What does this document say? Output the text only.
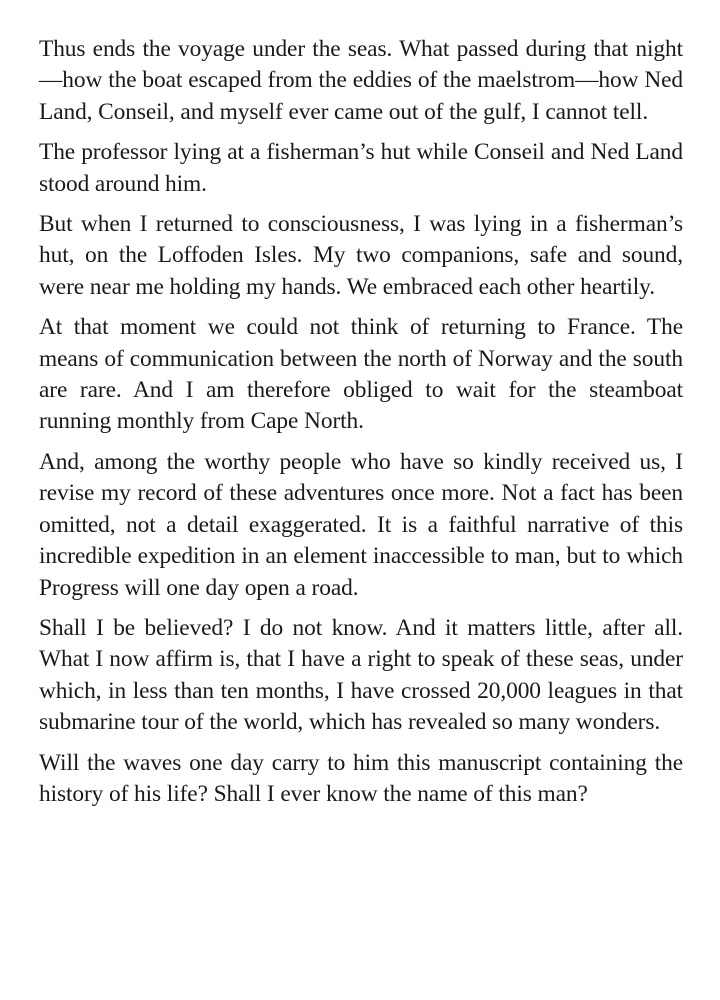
Thus ends the voyage under the seas. What passed during that night—how the boat escaped from the eddies of the maelstrom—how Ned Land, Conseil, and myself ever came out of the gulf, I cannot tell.

The professor lying at a fisherman’s hut while Conseil and Ned Land stood around him.

But when I returned to consciousness, I was lying in a fisherman’s hut, on the Loffoden Isles. My two companions, safe and sound, were near me holding my hands. We embraced each other heartily.

At that moment we could not think of returning to France. The means of communication between the north of Norway and the south are rare. And I am therefore obliged to wait for the steamboat running monthly from Cape North.

And, among the worthy people who have so kindly received us, I revise my record of these adventures once more. Not a fact has been omitted, not a detail exaggerated. It is a faithful narrative of this incredible expedition in an element inaccessible to man, but to which Progress will one day open a road.

Shall I be believed? I do not know. And it matters little, after all. What I now affirm is, that I have a right to speak of these seas, under which, in less than ten months, I have crossed 20,000 leagues in that submarine tour of the world, which has revealed so many wonders.

Will the waves one day carry to him this manuscript containing the history of his life? Shall I ever know the name of this man?
